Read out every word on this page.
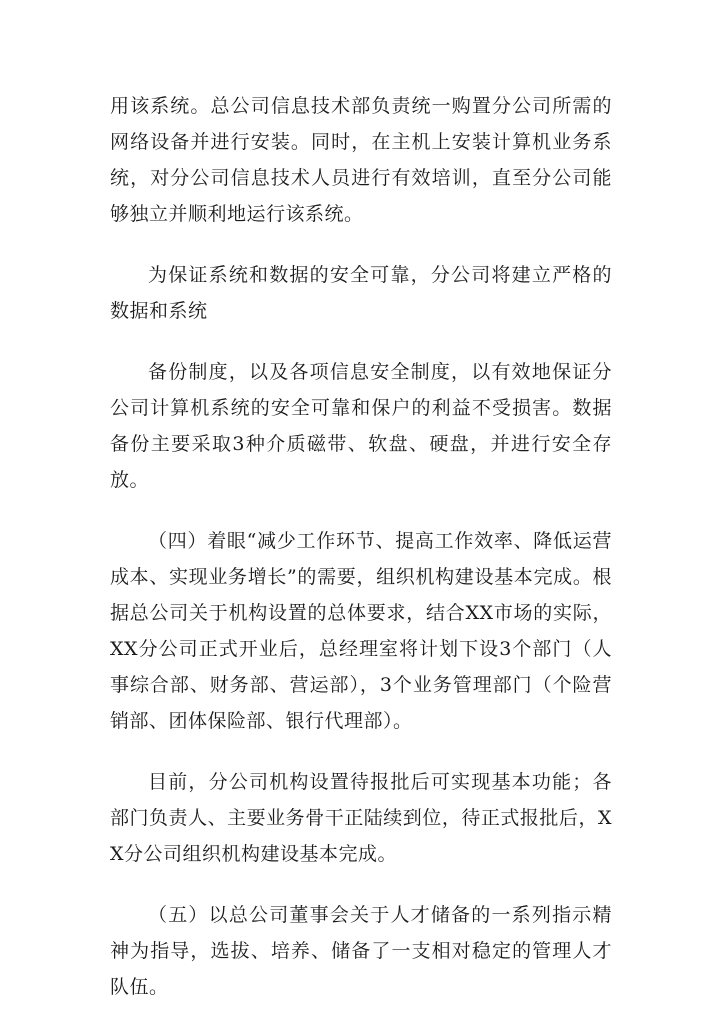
用该系统。总公司信息技术部负责统一购置分公司所需的网络设备并进行安装。同时，在主机上安装计算机业务系统，对分公司信息技术人员进行有效培训，直至分公司能够独立并顺利地运行该系统。

为保证系统和数据的安全可靠，分公司将建立严格的数据和系统

备份制度，以及各项信息安全制度，以有效地保证分公司计算机系统的安全可靠和保户的利益不受损害。数据备份主要采取3种介质磁带、软盘、硬盘，并进行安全存放。

（四）着眼“减少工作环节、提高工作效率、降低运营成本、实现业务增长”的需要，组织机构建设基本完成。根据总公司关于机构设置的总体要求，结合XX市场的实际，XX分公司正式开业后，总经理室将计划下设3个部门（人事综合部、财务部、营运部），3个业务管理部门（个险营销部、团体保险部、银行代理部）。

目前，分公司机构设置待报批后可实现基本功能；各部门负责人、主要业务骨干正陆续到位，待正式报批后，XX分公司组织机构建设基本完成。

（五）以总公司董事会关于人才储备的一系列指示精神为指导，选拔、培养、储备了一支相对稳定的管理人才队伍。
